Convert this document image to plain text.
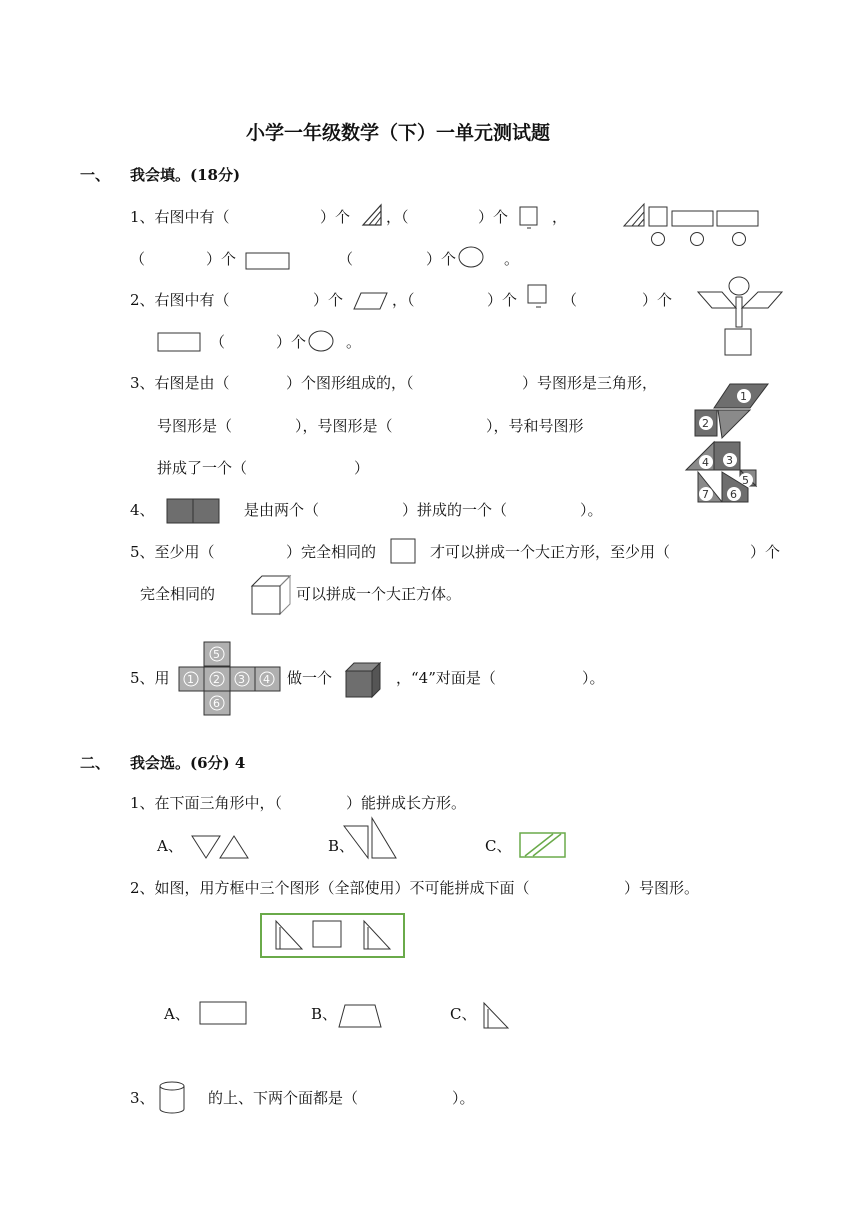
小学一年级数学（下）一单元测试题
一、 我会填。(18分)
1、右图中有（	）个 ，（	）个	，
（	）个	（	）个	。
2、右图中有（	）个	，（	）个	（	）个
（	）个	。
3、右图是由（	）个图形组成的，（	）号图形是三角形，
号图形是（	），号图形是（	），号和号图形
拼成了一个（	）
1
2
4 3
5
7 6
4、	是由两个（	）拼成的一个（	）。
5、至少用（	）完全相同的	才可以拼成一个大正方形，至少用（	）个
完全相同的	可以拼成一个大正方体。
5、用
5
1 2 3 4
6
做一个	，“4”对面是（	）。
二、 我会选。(6分) 4
1、在下面三角形中，（	）能拼成长方形。
A、	B、	C、
2、如图，用方框中三个图形（全部使用）不可能拼成下面（	）号图形。
A、	B、	C、
3、	的上、下两个面都是（	）。
